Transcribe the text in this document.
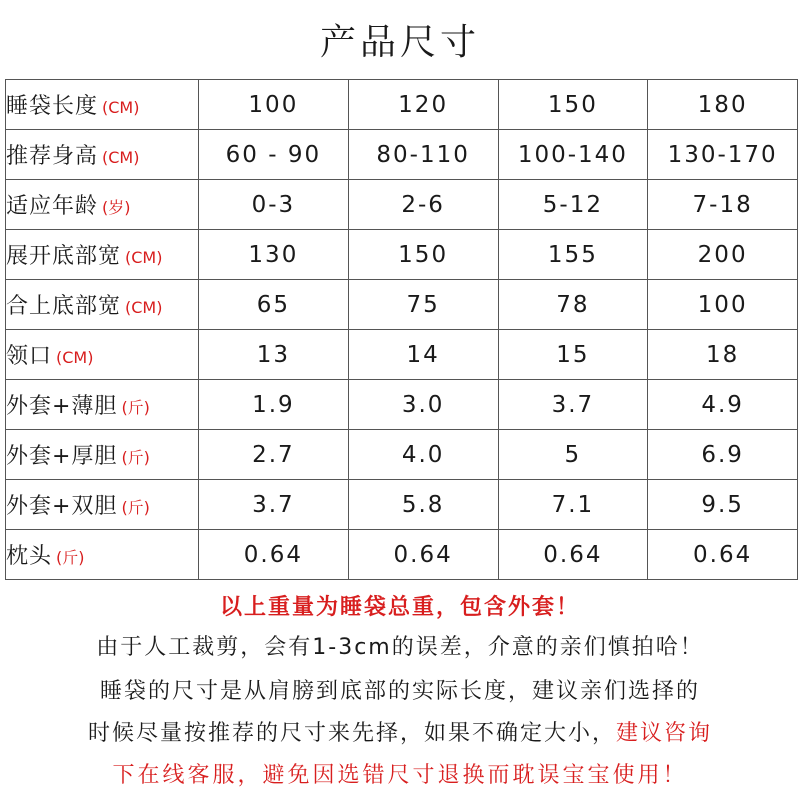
产品尺寸
睡袋长度 (CM)	100	120	150	180
推荐身高 (CM)	60 - 90	80-110	100-140	130-170
适应年龄 (岁)	0-3	2-6	5-12	7-18
展开底部宽 (CM)	130	150	155	200
合上底部宽 (CM)	65	75	78	100
领口 (CM)	13	14	15	18
外套+薄胆 (斤)	1.9	3.0	3.7	4.9
外套+厚胆 (斤)	2.7	4.0	5	6.9
外套+双胆 (斤)	3.7	5.8	7.1	9.5
枕头 (斤)	0.64	0.64	0.64	0.64
以上重量为睡袋总重，包含外套！
由于人工裁剪，会有1-3cm的误差，介意的亲们慎拍哈！
睡袋的尺寸是从肩膀到底部的实际长度，建议亲们选择的
时候尽量按推荐的尺寸来先择，如果不确定大小，建议咨询
下在线客服，避免因选错尺寸退换而耽误宝宝使用！
